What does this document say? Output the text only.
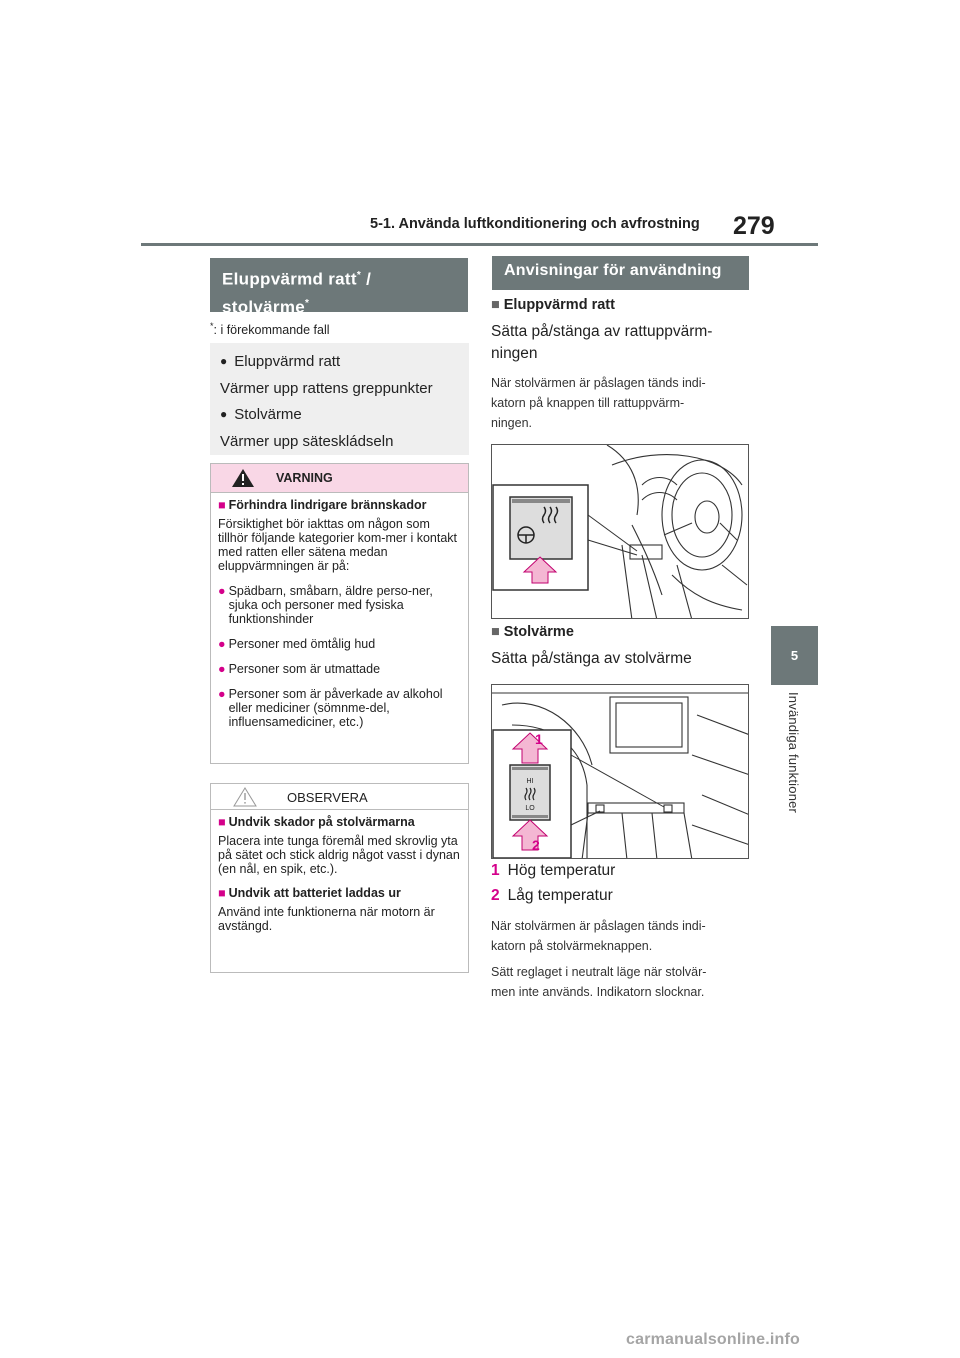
5-1. Använda luftkonditionering och avfrostning 279
5
Invändiga funktioner
Eluppvärmd ratt* /
stolvärme*
*: i förekommande fall
● Eluppvärmd ratt
Värmer upp rattens greppunkter
● Stolvärme
Värmer upp säteskládseln
VARNING
■ Förhindra lindrigare brännskador
Försiktighet bör iakttas om någon som tillhör följande kategorier kom-mer i kontakt med ratten eller sätena medan eluppvärmningen är på:
● Spädbarn, småbarn, äldre perso-ner, sjuka och personer med fysiska funktionshinder
● Personer med ömtålig hud
● Personer som är utmattade
● Personer som är påverkade av alkohol eller mediciner (sömnme-del, influensamediciner, etc.)
OBSERVERA
■ Undvik skador på stolvärmarna
Placera inte tunga föremål med skrovlig yta på sätet och stick aldrig något vasst i dynan (en nål, en spik, etc.).
■ Undvik att batteriet laddas ur
Använd inte funktionerna när motorn är avstängd.
Anvisningar för användning
■ Eluppvärmd ratt
Sätta på/stänga av rattuppvärm-
ningen
När stolvärmen är påslagen tänds indi-
katorn på knappen till rattuppvärm-
ningen.
■ Stolvärme
Sätta på/stänga av stolvärme
HI
LO
1
2
1 Hög temperatur
2 Låg temperatur
När stolvärmen är påslagen tänds indi-
katorn på stolvärmeknappen.
Sätt reglaget i neutralt läge när stolvär-
men inte används. Indikatorn slocknar.
carmanualsonline.info
